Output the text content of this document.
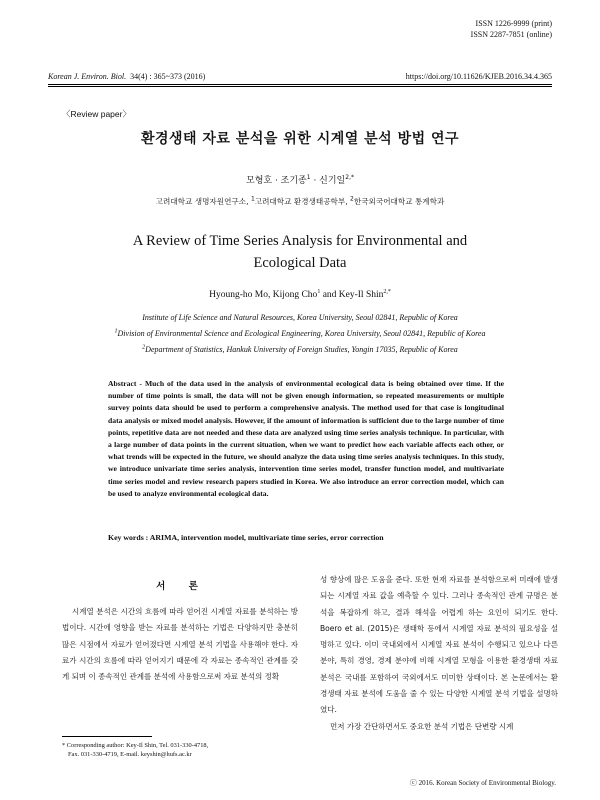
ISSN 1226-9999 (print)
ISSN 2287-7851 (online)
Korean J. Environ. Biol. 34(4) : 365~373 (2016)	https://doi.org/10.11626/KJEB.2016.34.4.365
〈Review paper〉
환경생태 자료 분석을 위한 시계열 분석 방법 연구
모형호 · 조기종$^1$ · 신기일$^{2,*}$
고려대학교 생명자원연구소, $^1$고려대학교 환경생태공학부, $^2$한국외국어대학교 통계학과
A Review of Time Series Analysis for Environmental and
Ecological Data
Hyoung-ho Mo, Kijong Cho$^1$ and Key-Il Shin$^{2,*}$
Institute of Life Science and Natural Resources, Korea University, Seoul 02841, Republic of Korea
$^1$Division of Environmental Science and Ecological Engineering, Korea University, Seoul 02841, Republic of Korea
$^2$Department of Statistics, Hankuk University of Foreign Studies, Yongin 17035, Republic of Korea
Abstract - Much of the data used in the analysis of environmental ecological data is being obtained over time. If the number of time points is small, the data will not be given enough information, so repeated measurements or multiple survey points data should be used to perform a comprehensive analysis. The method used for that case is longitudinal data analysis or mixed model analysis. However, if the amount of information is sufficient due to the large number of time points, repetitive data are not needed and these data are analyzed using time series analysis technique. In particular, with a large number of data points in the current situation, when we want to predict how each variable affects each other, or what trends will be expected in the future, we should analyze the data using time series analysis techniques. In this study, we introduce univariate time series analysis, intervention time series model, transfer function model, and multivariate time series model and review research papers studied in Korea. We also introduce an error correction model, which can be used to analyze environmental ecological data.
Key words : ARIMA, intervention model, multivariate time series, error correction
서 론

시계열 분석은 시간의 흐름에 따라 얻어진 시계열 자료를 분석하는 방법이다. 시간에 영향을 받는 자료를 분석하는 기법은 다양하지만 충분히 많은 시점에서 자료가 얻어졌다면 시계열 분석 기법을 사용해야 한다. 자료가 시간의 흐름에 따라 얻어지기 때문에 각 자료는 종속적인 관계를 갖게 되며 이 종속적인 관계를 분석에 사용함으로써 자료 분석의 정확

성 향상에 많은 도움을 준다. 또한 현재 자료를 분석함으로써 미래에 발생되는 시계열 자료 값을 예측할 수 있다. 그러나 종속적인 관계 규명은 분석을 복잡하게 하고, 결과 해석을 어렵게 하는 요인이 되기도 한다. Boero et al. (2015)은 생태학 등에서 시계열 자료 분석의 필요성을 설명하고 있다. 이미 국내외에서 시계열 자료 분석이 수행되고 있으나 다른 분야, 특히 경영, 경제 분야에 비해 시계열 모형을 이용한 환경생태 자료 분석은 국내를 포함하여 국외에서도 미미한 상태이다. 본 논문에서는 환경생태 자료 분석에 도움을 줄 수 있는 다양한 시계열 분석 기법을 설명하였다.

먼저 가장 간단하면서도 중요한 분석 기법은 단변량 시계

* Corresponding author: Key-Il Shin, Tel. 031-330-4718,
Fax. 031-330-4719, E-mail. keyshin@hufs.ac.kr
ⓒ 2016. Korean Society of Environmental Biology.
